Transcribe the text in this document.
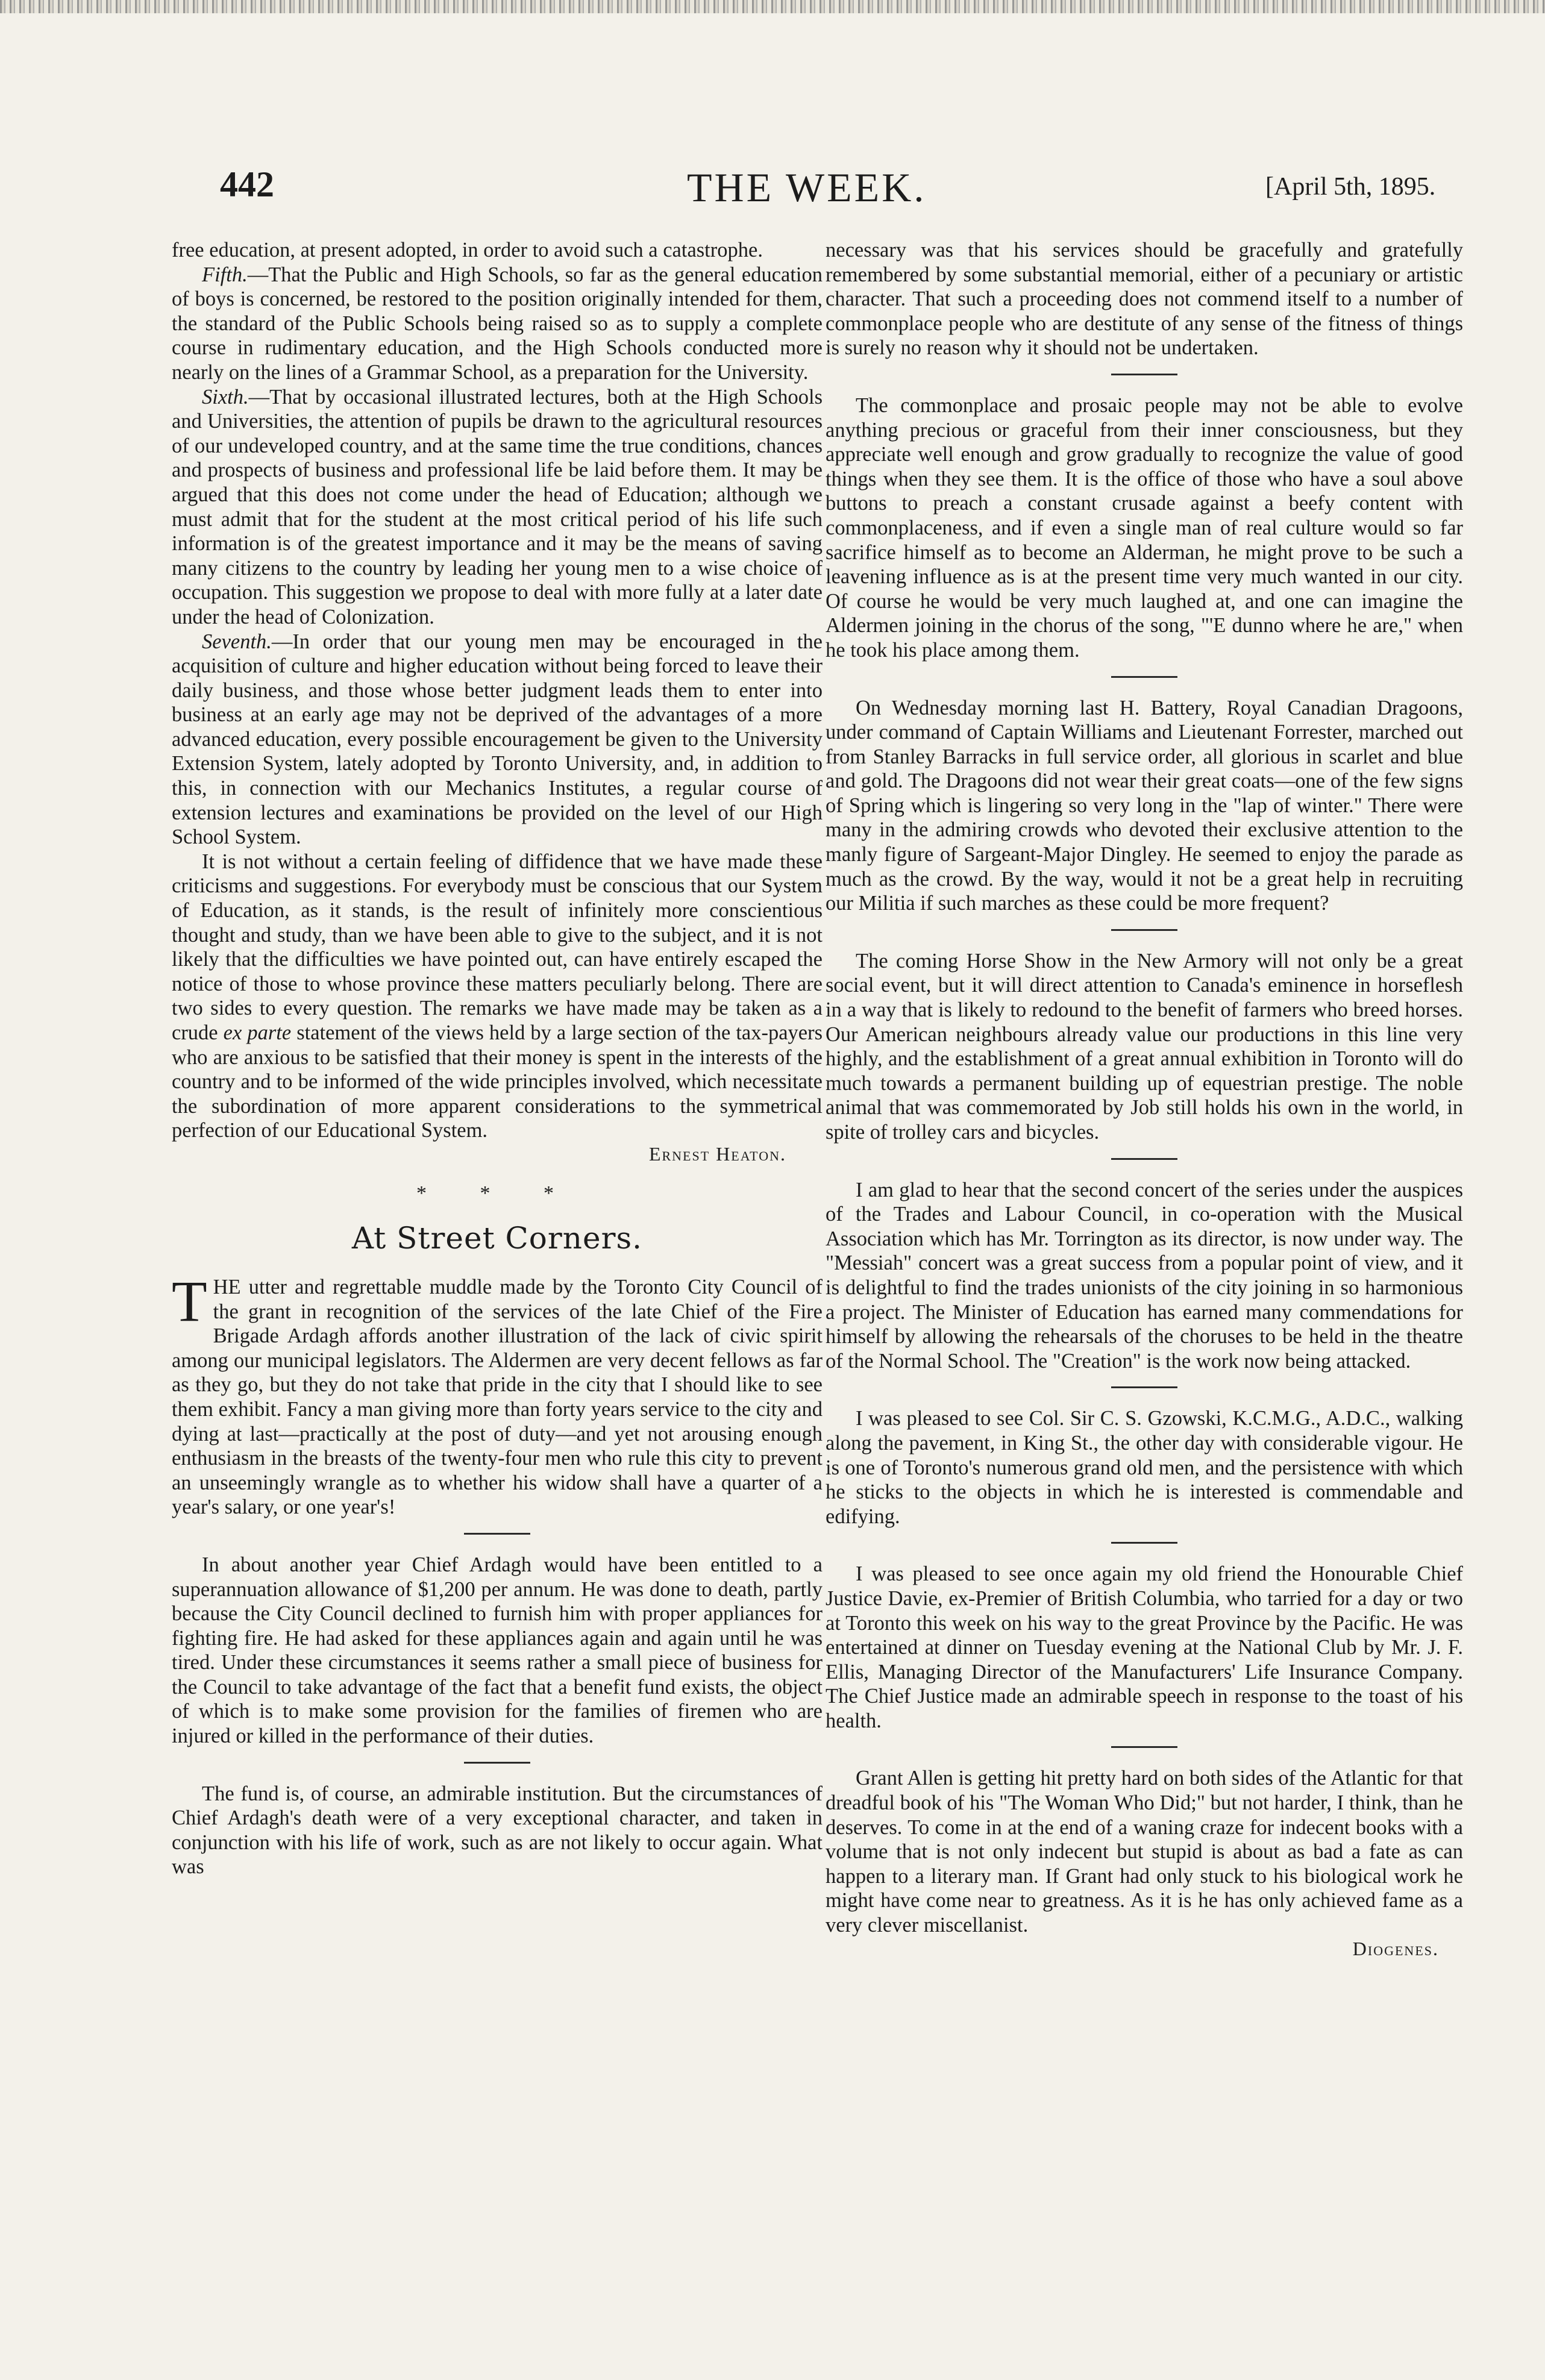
442	THE WEEK.	[April 5th, 1895.

free education, at present adopted, in order to avoid such a catastrophe.

Fifth.—That the Public and High Schools, so far as the general education of boys is concerned, be restored to the position originally intended for them, the standard of the Public Schools being raised so as to supply a complete course in rudimentary education, and the High Schools conducted more nearly on the lines of a Grammar School, as a preparation for the University.

Sixth.—That by occasional illustrated lectures, both at the High Schools and Universities, the attention of pupils be drawn to the agricultural resources of our undeveloped country, and at the same time the true conditions, chances and prospects of business and professional life be laid before them. It may be argued that this does not come under the head of Education; although we must admit that for the student at the most critical period of his life such information is of the greatest importance and it may be the means of saving many citizens to the country by leading her young men to a wise choice of occupation. This suggestion we propose to deal with more fully at a later date under the head of Colonization.

Seventh.—In order that our young men may be encouraged in the acquisition of culture and higher education without being forced to leave their daily business, and those whose better judgment leads them to enter into business at an early age may not be deprived of the advantages of a more advanced education, every possible encouragement be given to the University Extension System, lately adopted by Toronto University, and, in addition to this, in connection with our Mechanics Institutes, a regular course of extension lectures and examinations be provided on the level of our High School System.

It is not without a certain feeling of diffidence that we have made these criticisms and suggestions. For everybody must be conscious that our System of Education, as it stands, is the result of infinitely more conscientious thought and study, than we have been able to give to the subject, and it is not likely that the difficulties we have pointed out, can have entirely escaped the notice of those to whose province these matters peculiarly belong. There are two sides to every question. The remarks we have made may be taken as a crude ex parte statement of the views held by a large section of the tax-payers who are anxious to be satisfied that their money is spent in the interests of the country and to be informed of the wide principles involved, which necessitate the subordination of more apparent considerations to the symmetrical perfection of our Educational System.

Ernest Heaton.

* * *
At Street Corners.

THE utter and regrettable muddle made by the Toronto City Council of the grant in recognition of the services of the late Chief of the Fire Brigade Ardagh affords another illustration of the lack of civic spirit among our municipal legislators. The Aldermen are very decent fellows as far as they go, but they do not take that pride in the city that I should like to see them exhibit. Fancy a man giving more than forty years service to the city and dying at last—practically at the post of duty—and yet not arousing enough enthusiasm in the breasts of the twenty-four men who rule this city to prevent an unseemingly wrangle as to whether his widow shall have a quarter of a year's salary, or one year's!

In about another year Chief Ardagh would have been entitled to a superannuation allowance of $1,200 per annum. He was done to death, partly because the City Council declined to furnish him with proper appliances for fighting fire. He had asked for these appliances again and again until he was tired. Under these circumstances it seems rather a small piece of business for the Council to take advantage of the fact that a benefit fund exists, the object of which is to make some provision for the families of firemen who are injured or killed in the performance of their duties.

The fund is, of course, an admirable institution. But the circumstances of Chief Ardagh's death were of a very exceptional character, and taken in conjunction with his life of work, such as are not likely to occur again. What was

necessary was that his services should be gracefully and gratefully remembered by some substantial memorial, either of a pecuniary or artistic character. That such a proceeding does not commend itself to a number of commonplace people who are destitute of any sense of the fitness of things is surely no reason why it should not be undertaken.

The commonplace and prosaic people may not be able to evolve anything precious or graceful from their inner consciousness, but they appreciate well enough and grow gradually to recognize the value of good things when they see them. It is the office of those who have a soul above buttons to preach a constant crusade against a beefy content with commonplaceness, and if even a single man of real culture would so far sacrifice himself as to become an Alderman, he might prove to be such a leavening influence as is at the present time very much wanted in our city. Of course he would be very much laughed at, and one can imagine the Aldermen joining in the chorus of the song, "'E dunno where he are," when he took his place among them.

On Wednesday morning last H. Battery, Royal Canadian Dragoons, under command of Captain Williams and Lieutenant Forrester, marched out from Stanley Barracks in full service order, all glorious in scarlet and blue and gold. The Dragoons did not wear their great coats—one of the few signs of Spring which is lingering so very long in the "lap of winter." There were many in the admiring crowds who devoted their exclusive attention to the manly figure of Sargeant-Major Dingley. He seemed to enjoy the parade as much as the crowd. By the way, would it not be a great help in recruiting our Militia if such marches as these could be more frequent?

The coming Horse Show in the New Armory will not only be a great social event, but it will direct attention to Canada's eminence in horseflesh in a way that is likely to redound to the benefit of farmers who breed horses. Our American neighbours already value our productions in this line very highly, and the establishment of a great annual exhibition in Toronto will do much towards a permanent building up of equestrian prestige. The noble animal that was commemorated by Job still holds his own in the world, in spite of trolley cars and bicycles.

I am glad to hear that the second concert of the series under the auspices of the Trades and Labour Council, in co-operation with the Musical Association which has Mr. Torrington as its director, is now under way. The "Messiah" concert was a great success from a popular point of view, and it is delightful to find the trades unionists of the city joining in so harmonious a project. The Minister of Education has earned many commendations for himself by allowing the rehearsals of the choruses to be held in the theatre of the Normal School. The "Creation" is the work now being attacked.

I was pleased to see Col. Sir C. S. Gzowski, K.C.M.G., A.D.C., walking along the pavement, in King St., the other day with considerable vigour. He is one of Toronto's numerous grand old men, and the persistence with which he sticks to the objects in which he is interested is commendable and edifying.

I was pleased to see once again my old friend the Honourable Chief Justice Davie, ex-Premier of British Columbia, who tarried for a day or two at Toronto this week on his way to the great Province by the Pacific. He was entertained at dinner on Tuesday evening at the National Club by Mr. J. F. Ellis, Managing Director of the Manufacturers' Life Insurance Company. The Chief Justice made an admirable speech in response to the toast of his health.

Grant Allen is getting hit pretty hard on both sides of the Atlantic for that dreadful book of his "The Woman Who Did;" but not harder, I think, than he deserves. To come in at the end of a waning craze for indecent books with a volume that is not only indecent but stupid is about as bad a fate as can happen to a literary man. If Grant had only stuck to his biological work he might have come near to greatness. As it is he has only achieved fame as a very clever miscellanist.

Diogenes.
